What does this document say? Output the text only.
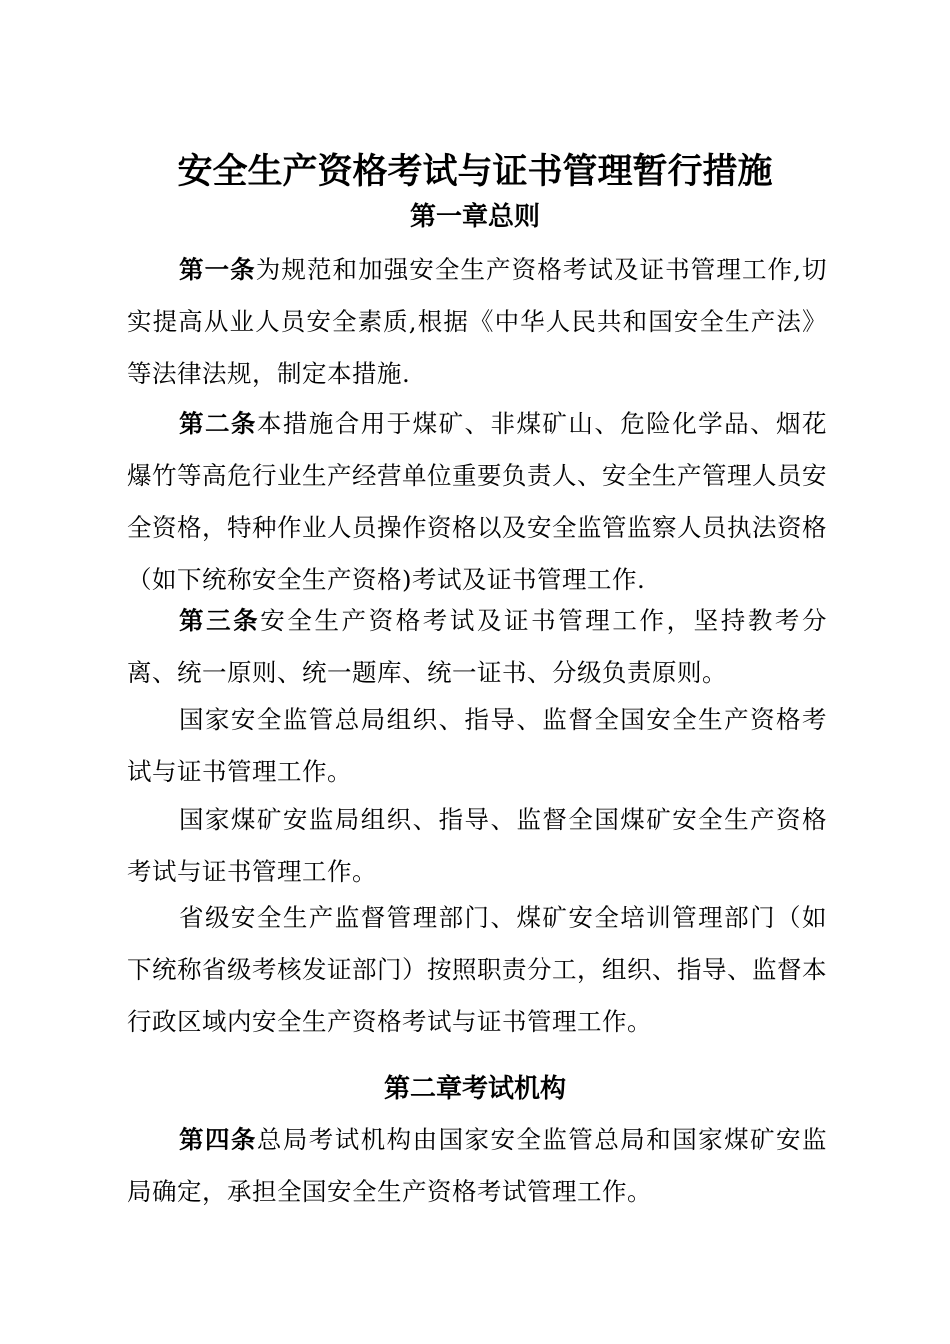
安全生产资格考试与证书管理暂行措施
第一章总则

第一条为规范和加强安全生产资格考试及证书管理工作,切实提高从业人员安全素质,根据《中华人民共和国安全生产法》等法律法规，制定本措施.

第二条本措施合用于煤矿、非煤矿山、危险化学品、烟花爆竹等高危行业生产经营单位重要负责人、安全生产管理人员安全资格，特种作业人员操作资格以及安全监管监察人员执法资格（如下统称安全生产资格)考试及证书管理工作.

第三条安全生产资格考试及证书管理工作，坚持教考分离、统一原则、统一题库、统一证书、分级负责原则。

国家安全监管总局组织、指导、监督全国安全生产资格考试与证书管理工作。

国家煤矿安监局组织、指导、监督全国煤矿安全生产资格考试与证书管理工作。

省级安全生产监督管理部门、煤矿安全培训管理部门（如下统称省级考核发证部门）按照职责分工，组织、指导、监督本行政区域内安全生产资格考试与证书管理工作。

第二章考试机构

第四条总局考试机构由国家安全监管总局和国家煤矿安监局确定，承担全国安全生产资格考试管理工作。
